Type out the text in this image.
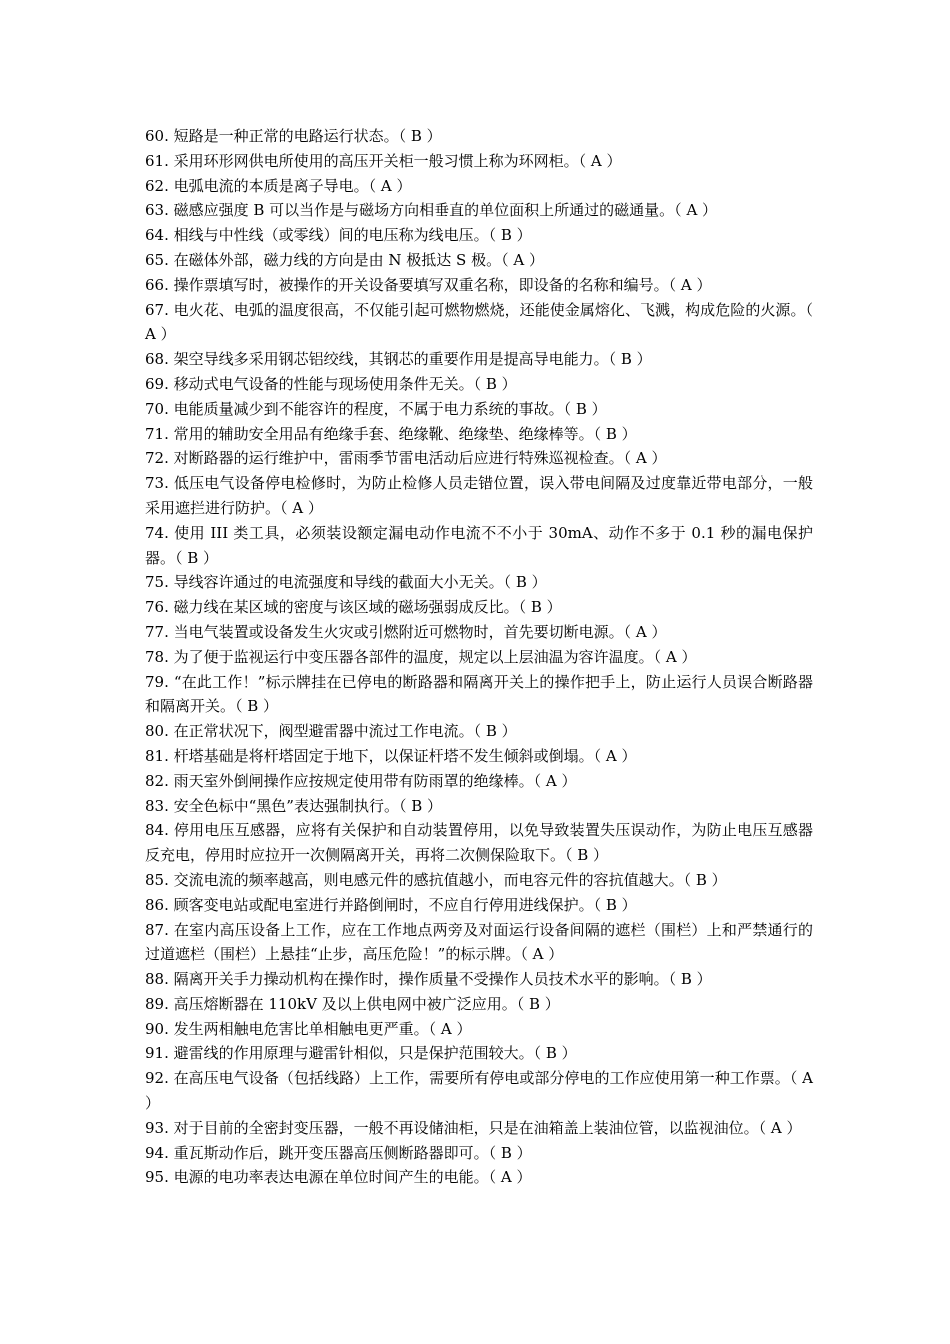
60. 短路是一种正常的电路运行状态。（ B ）

61. 采用环形网供电所使用的高压开关柜一般习惯上称为环网柜。（ A ）

62. 电弧电流的本质是离子导电。（ A ）

63. 磁感应强度 B 可以当作是与磁场方向相垂直的单位面积上所通过的磁通量。（ A ）

64. 相线与中性线（或零线）间的电压称为线电压。（ B ）

65. 在磁体外部，磁力线的方向是由 N 极抵达 S 极。（ A ）

66. 操作票填写时，被操作的开关设备要填写双重名称，即设备的名称和编号。（ A ）

67. 电火花、电弧的温度很高，不仅能引起可燃物燃烧，还能使金属熔化、飞溅，构成危险的火源。（ A ）

68. 架空导线多采用钢芯铝绞线，其钢芯的重要作用是提高导电能力。（ B ）

69. 移动式电气设备的性能与现场使用条件无关。（ B ）

70. 电能质量减少到不能容许的程度，不属于电力系统的事故。（ B ）

71. 常用的辅助安全用品有绝缘手套、绝缘靴、绝缘垫、绝缘棒等。（ B ）

72. 对断路器的运行维护中，雷雨季节雷电活动后应进行特殊巡视检查。（ A ）

73. 低压电气设备停电检修时，为防止检修人员走错位置，误入带电间隔及过度靠近带电部分，一般采用遮拦进行防护。（ A ）

74. 使用 III 类工具，必须装设额定漏电动作电流不不小于 30mA、动作不多于 0.1 秒的漏电保护器。（ B ）

75. 导线容许通过的电流强度和导线的截面大小无关。（ B ）

76. 磁力线在某区域的密度与该区域的磁场强弱成反比。（ B ）

77. 当电气装置或设备发生火灾或引燃附近可燃物时，首先要切断电源。（ A ）

78. 为了便于监视运行中变压器各部件的温度，规定以上层油温为容许温度。（ A ）

79. “在此工作！”标示牌挂在已停电的断路器和隔离开关上的操作把手上，防止运行人员误合断路器和隔离开关。（ B ）

80. 在正常状况下，阀型避雷器中流过工作电流。（ B ）

81. 杆塔基础是将杆塔固定于地下，以保证杆塔不发生倾斜或倒塌。（ A ）

82. 雨天室外倒闸操作应按规定使用带有防雨罩的绝缘棒。（ A ）

83. 安全色标中“黑色”表达强制执行。（ B ）

84. 停用电压互感器，应将有关保护和自动装置停用，以免导致装置失压误动作，为防止电压互感器反充电，停用时应拉开一次侧隔离开关，再将二次侧保险取下。（ B ）

85. 交流电流的频率越高，则电感元件的感抗值越小，而电容元件的容抗值越大。（ B ）

86. 顾客变电站或配电室进行并路倒闸时，不应自行停用进线保护。（ B ）

87. 在室内高压设备上工作，应在工作地点两旁及对面运行设备间隔的遮栏（围栏）上和严禁通行的过道遮栏（围栏）上悬挂“止步，高压危险！”的标示牌。（ A ）

88. 隔离开关手力操动机构在操作时，操作质量不受操作人员技术水平的影响。（ B ）

89. 高压熔断器在 110kV 及以上供电网中被广泛应用。（ B ）

90. 发生两相触电危害比单相触电更严重。（ A ）

91. 避雷线的作用原理与避雷针相似，只是保护范围较大。（ B ）

92. 在高压电气设备（包括线路）上工作，需要所有停电或部分停电的工作应使用第一种工作票。（ A ）

93. 对于目前的全密封变压器，一般不再设储油柜，只是在油箱盖上装油位管，以监视油位。（ A ）

94. 重瓦斯动作后，跳开变压器高压侧断路器即可。（ B ）

95. 电源的电功率表达电源在单位时间产生的电能。（ A ）
